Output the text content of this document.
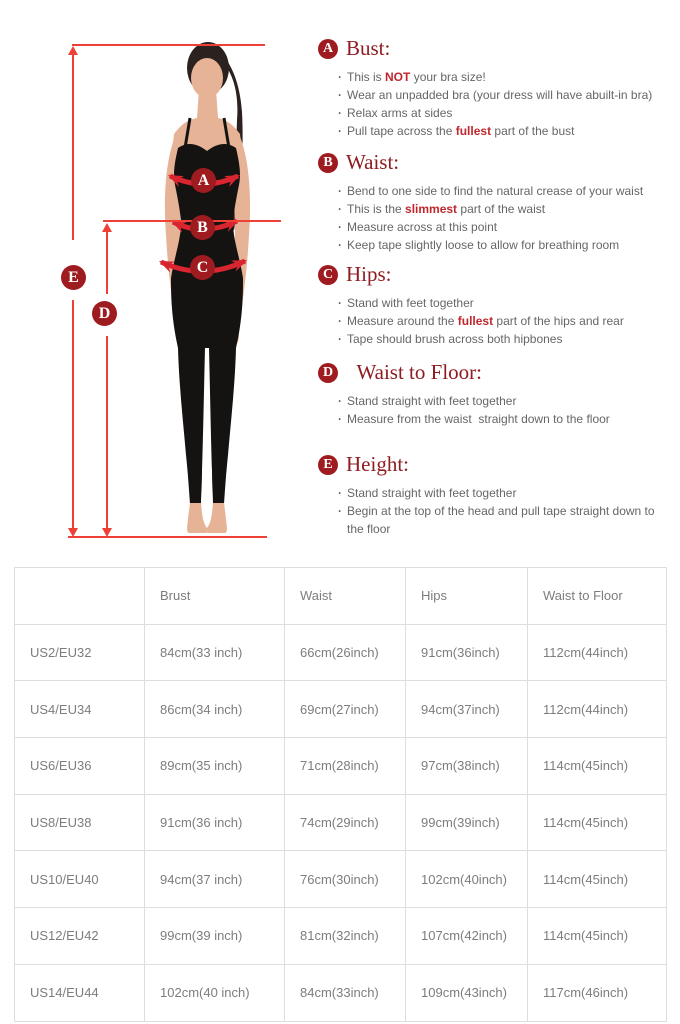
A
B
C
D
E
A Bust:
· This is NOT your bra size!
· Wear an unpadded bra (your dress will have abuilt-in bra)
· Relax arms at sides
· Pull tape across the fullest part of the bust
B Waist:
· Bend to one side to find the natural crease of your waist
· This is the slimmest part of the waist
· Measure across at this point
· Keep tape slightly loose to allow for breathing room
C Hips:
· Stand with feet together
· Measure around the fullest part of the hips and rear
· Tape should brush across both hipbones
D Waist to Floor:
· Stand straight with feet together
· Measure from the waist  straight down to the floor
E Height:
· Stand straight with feet together
· Begin at the top of the head and pull tape straight down to the floor
	Brust	Waist	Hips	Waist to Floor
US2/EU32	84cm(33 inch)	66cm(26inch)	91cm(36inch)	112cm(44inch)
US4/EU34	86cm(34 inch)	69cm(27inch)	94cm(37inch)	112cm(44inch)
US6/EU36	89cm(35 inch)	71cm(28inch)	97cm(38inch)	114cm(45inch)
US8/EU38	91cm(36 inch)	74cm(29inch)	99cm(39inch)	114cm(45inch)
US10/EU40	94cm(37 inch)	76cm(30inch)	102cm(40inch)	114cm(45inch)
US12/EU42	99cm(39 inch)	81cm(32inch)	107cm(42inch)	114cm(45inch)
US14/EU44	102cm(40 inch)	84cm(33inch)	109cm(43inch)	117cm(46inch)
